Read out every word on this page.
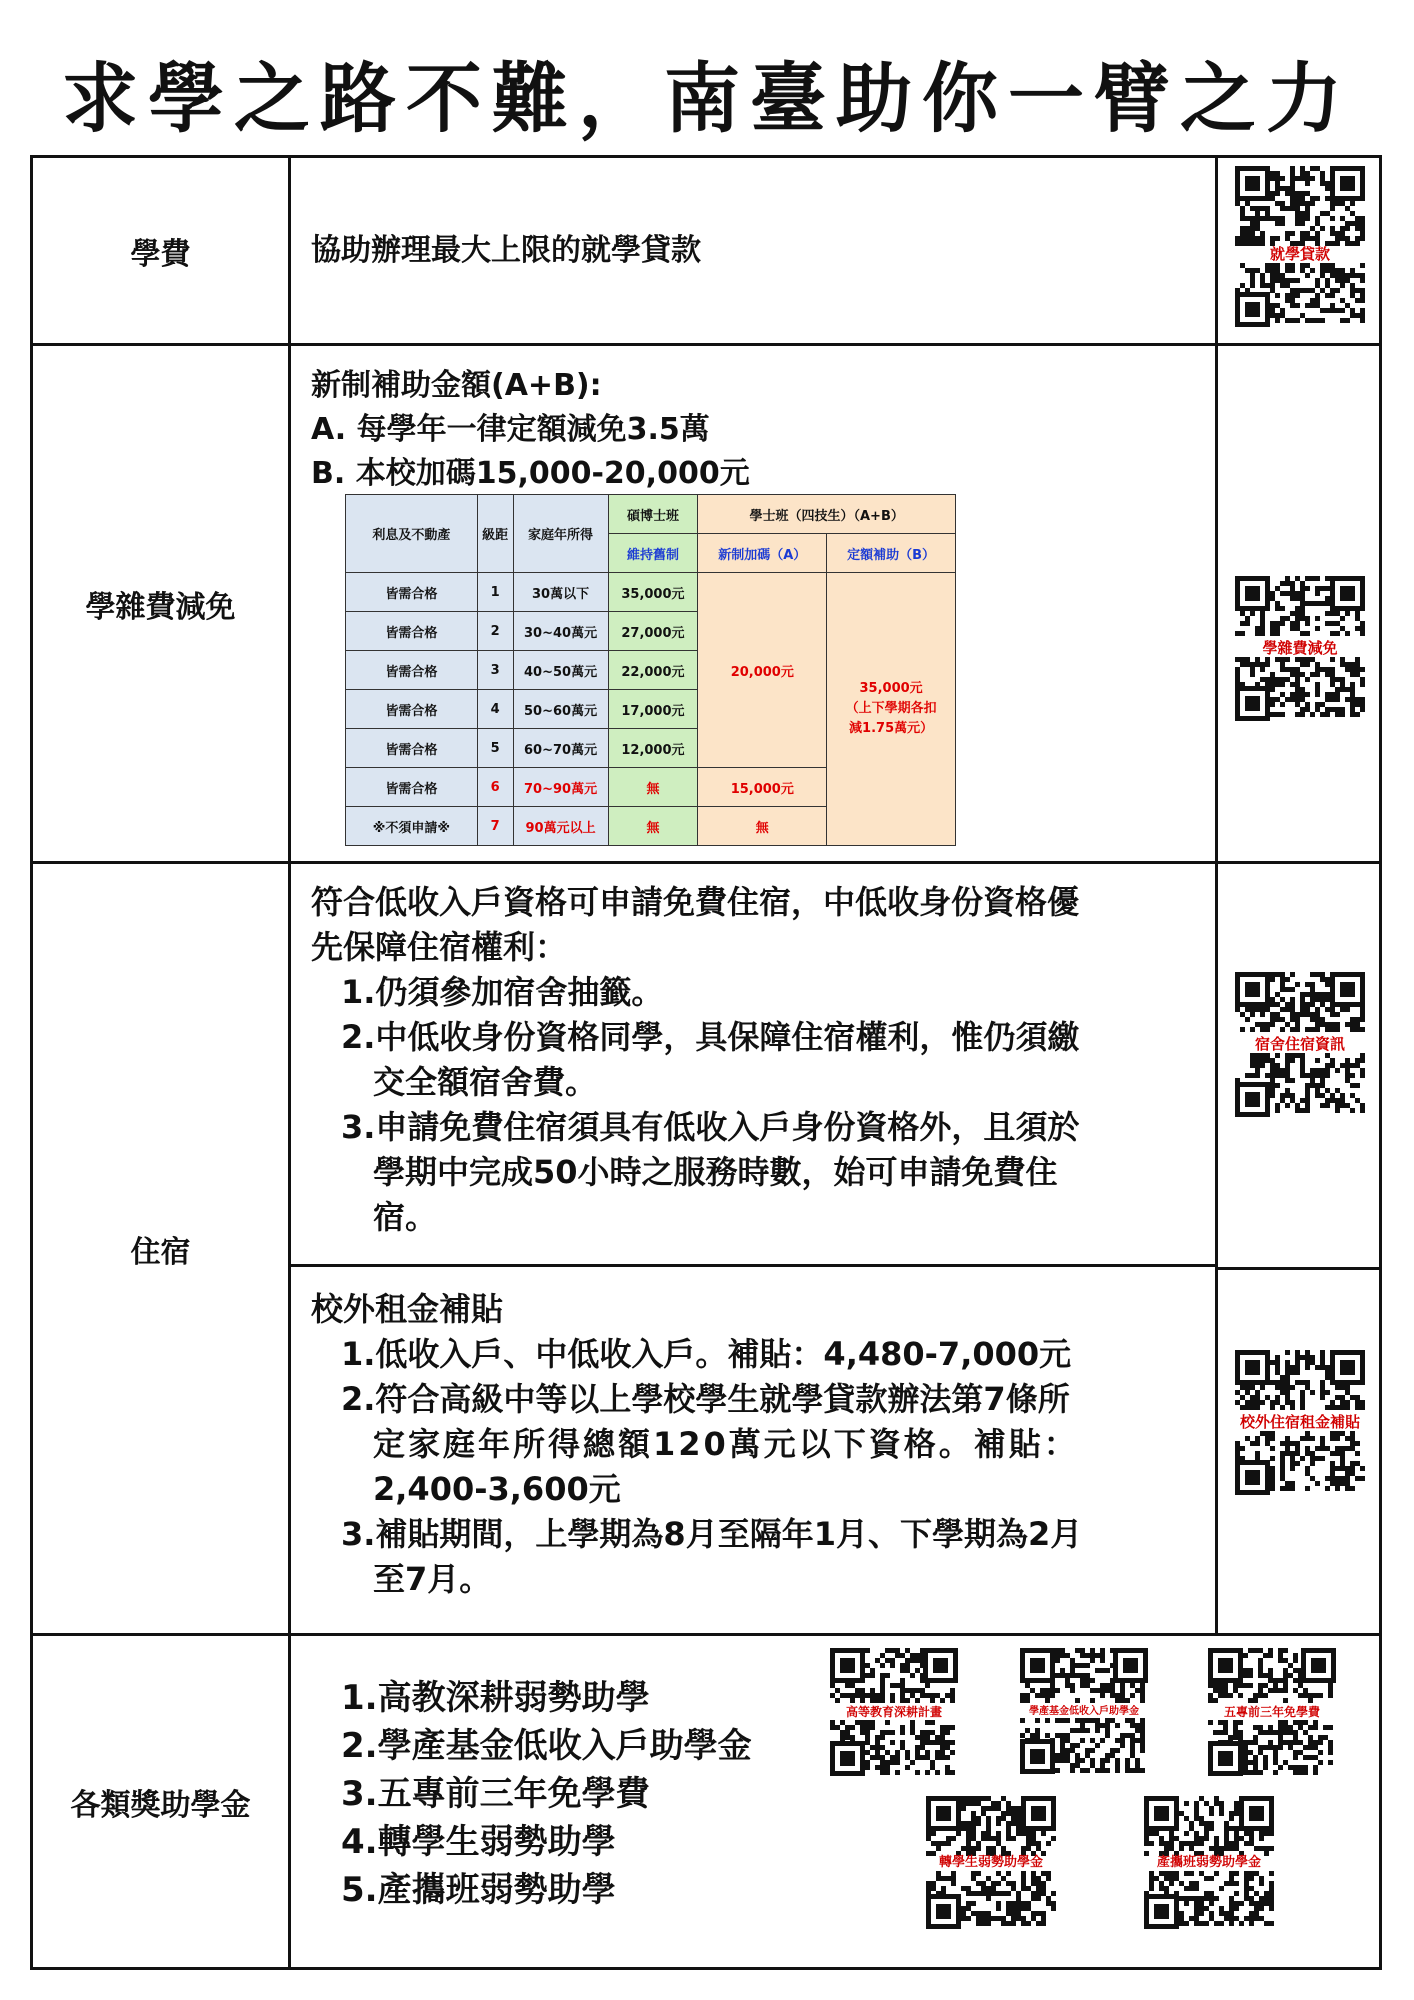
求學之路不難，南臺助你一臂之力
學費	協助辦理最大上限的就學貸款	就學貸款
學雜費減免
新制補助金額(A+B):
A. 每學年一律定額減免3.5萬
B. 本校加碼15,000-20,000元
利息及不動產	級距	家庭年所得	碩博士班	學士班（四技生）（A+B）	
			維持舊制	新制加碼（A）	定額補助（B）
皆需合格	1	30萬以下	35,000元	20,000元	35,000元
（上下學期各扣
減1.75萬元）

皆需合格	2	30~40萬元	27,000元		
皆需合格	3	40~50萬元	22,000元		
皆需合格	4	50~60萬元	17,000元		
皆需合格	5	60~70萬元	12,000元		
皆需合格	6	70~90萬元	無	15,000元	
※不須申請※	7	90萬元以上	無	無	
學雜費減免
住宿
符合低收入戶資格可申請免費住宿，中低收身份資格優
先保障住宿權利：
1.仍須參加宿舍抽籤。
2.中低收身份資格同學，具保障住宿權利，惟仍須繳
交全額宿舍費。
3.申請免費住宿須具有低收入戶身份資格外，且須於
學期中完成50小時之服務時數，始可申請免費住
宿。
校外租金補貼
1.低收入戶、中低收入戶。補貼：4,480-7,000元
2.符合高級中等以上學校學生就學貸款辦法第7條所
定家庭年所得總額120萬元以下資格。補貼：
2,400-3,600元
3.補貼期間，上學期為8月至隔年1月、下學期為2月
至7月。
宿舍住宿資訊
校外住宿租金補貼
各類獎助學金
1.高教深耕弱勢助學
2.學產基金低收入戶助學金
3.五專前三年免學費
4.轉學生弱勢助學
5.產攜班弱勢助學
高等教育深耕計畫	學產基金低收入戶助學金	五專前三年免學費
轉學生弱勢助學金	產攜班弱勢助學金
